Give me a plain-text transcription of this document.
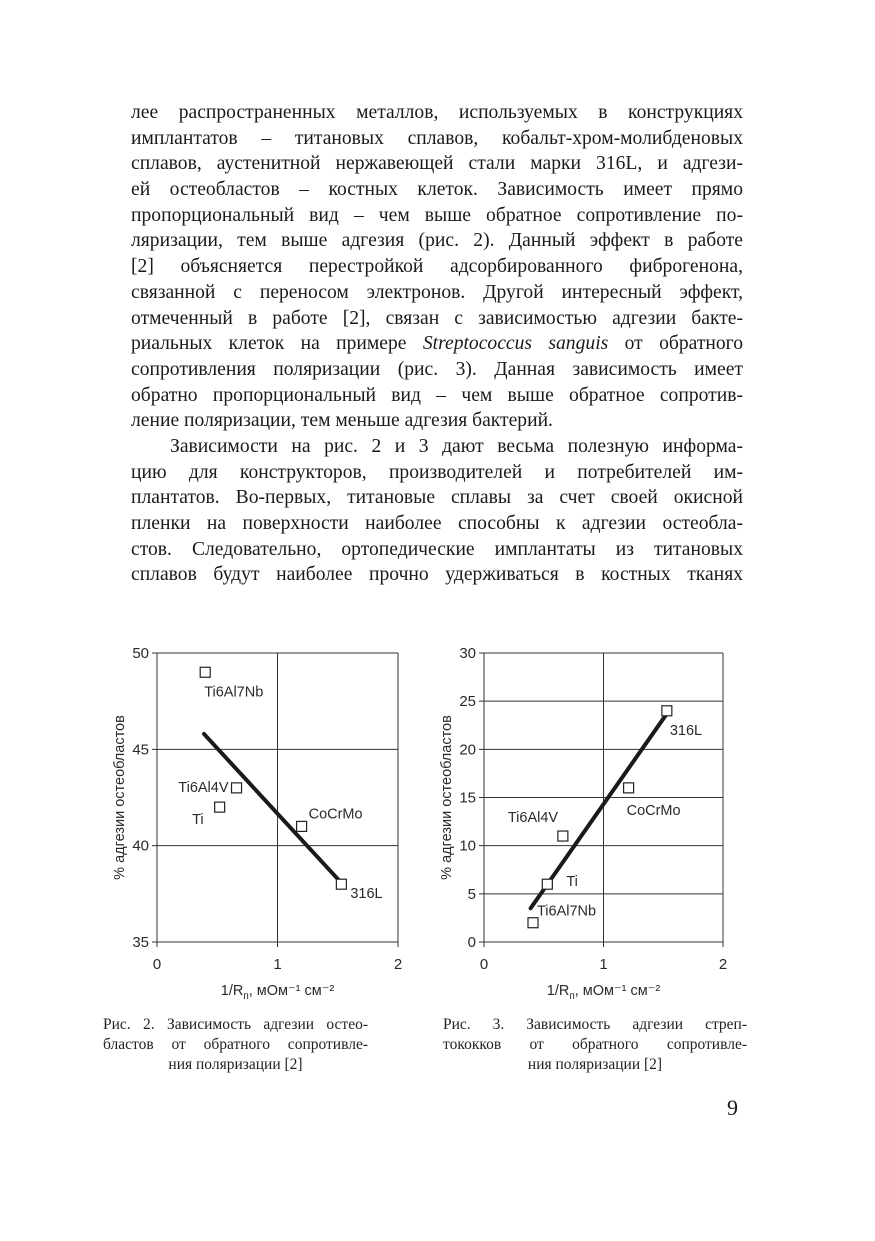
лее распространенных металлов, используемых в конструкциях
имплантатов – титановых сплавов, кобальт-хром-молибденовых
сплавов, аустенитной нержавеющей стали марки 316L, и адгези-
ей остеобластов – костных клеток. Зависимость имеет прямо
пропорциональный вид – чем выше обратное сопротивление по-
ляризации, тем выше адгезия (рис. 2). Данный эффект в работе
[2] объясняется перестройкой адсорбированного фиброгенона,
связанной с переносом электронов. Другой интересный эффект,
отмеченный в работе [2], связан с зависимостью адгезии бакте-
риальных клеток на примере Streptococcus sanguis от обратного
сопротивления поляризации (рис. 3). Данная зависимость имеет
обратно пропорциональный вид – чем выше обратное сопротив-
ление поляризации, тем меньше адгезия бактерий.
Зависимости на рис. 2 и 3 дают весьма полезную информа-
цию для конструкторов, производителей и потребителей им-
плантатов. Во-первых, титановые сплавы за счет своей окисной
пленки на поверхности наиболее способны к адгезии остеобла-
стов. Следовательно, ортопедические имплантаты из титановых
сплавов будут наиболее прочно удерживаться в костных тканях
35
40
45
50
0	1	2
% адгезии остеобластов
$1/R_п$, мОм⁻¹ см⁻²
Ti6Al7Nb
Ti6Al4V
Ti	CoCrMo
316L
0
5
10
15
20
25
30
0	1	2
% адгезии остеобластов
$1/R_п$, мОм⁻¹ см⁻²
316L
CoCrMo
Ti6Al4V
Ti
Ti6Al7Nb
Рис. 2. Зависимость адгезии остео-
бластов от обратного сопротивле-
ния поляризации [2]
Рис. 3. Зависимость адгезии стреп-
тококков от обратного сопротивле-
ния поляризации [2]
9
